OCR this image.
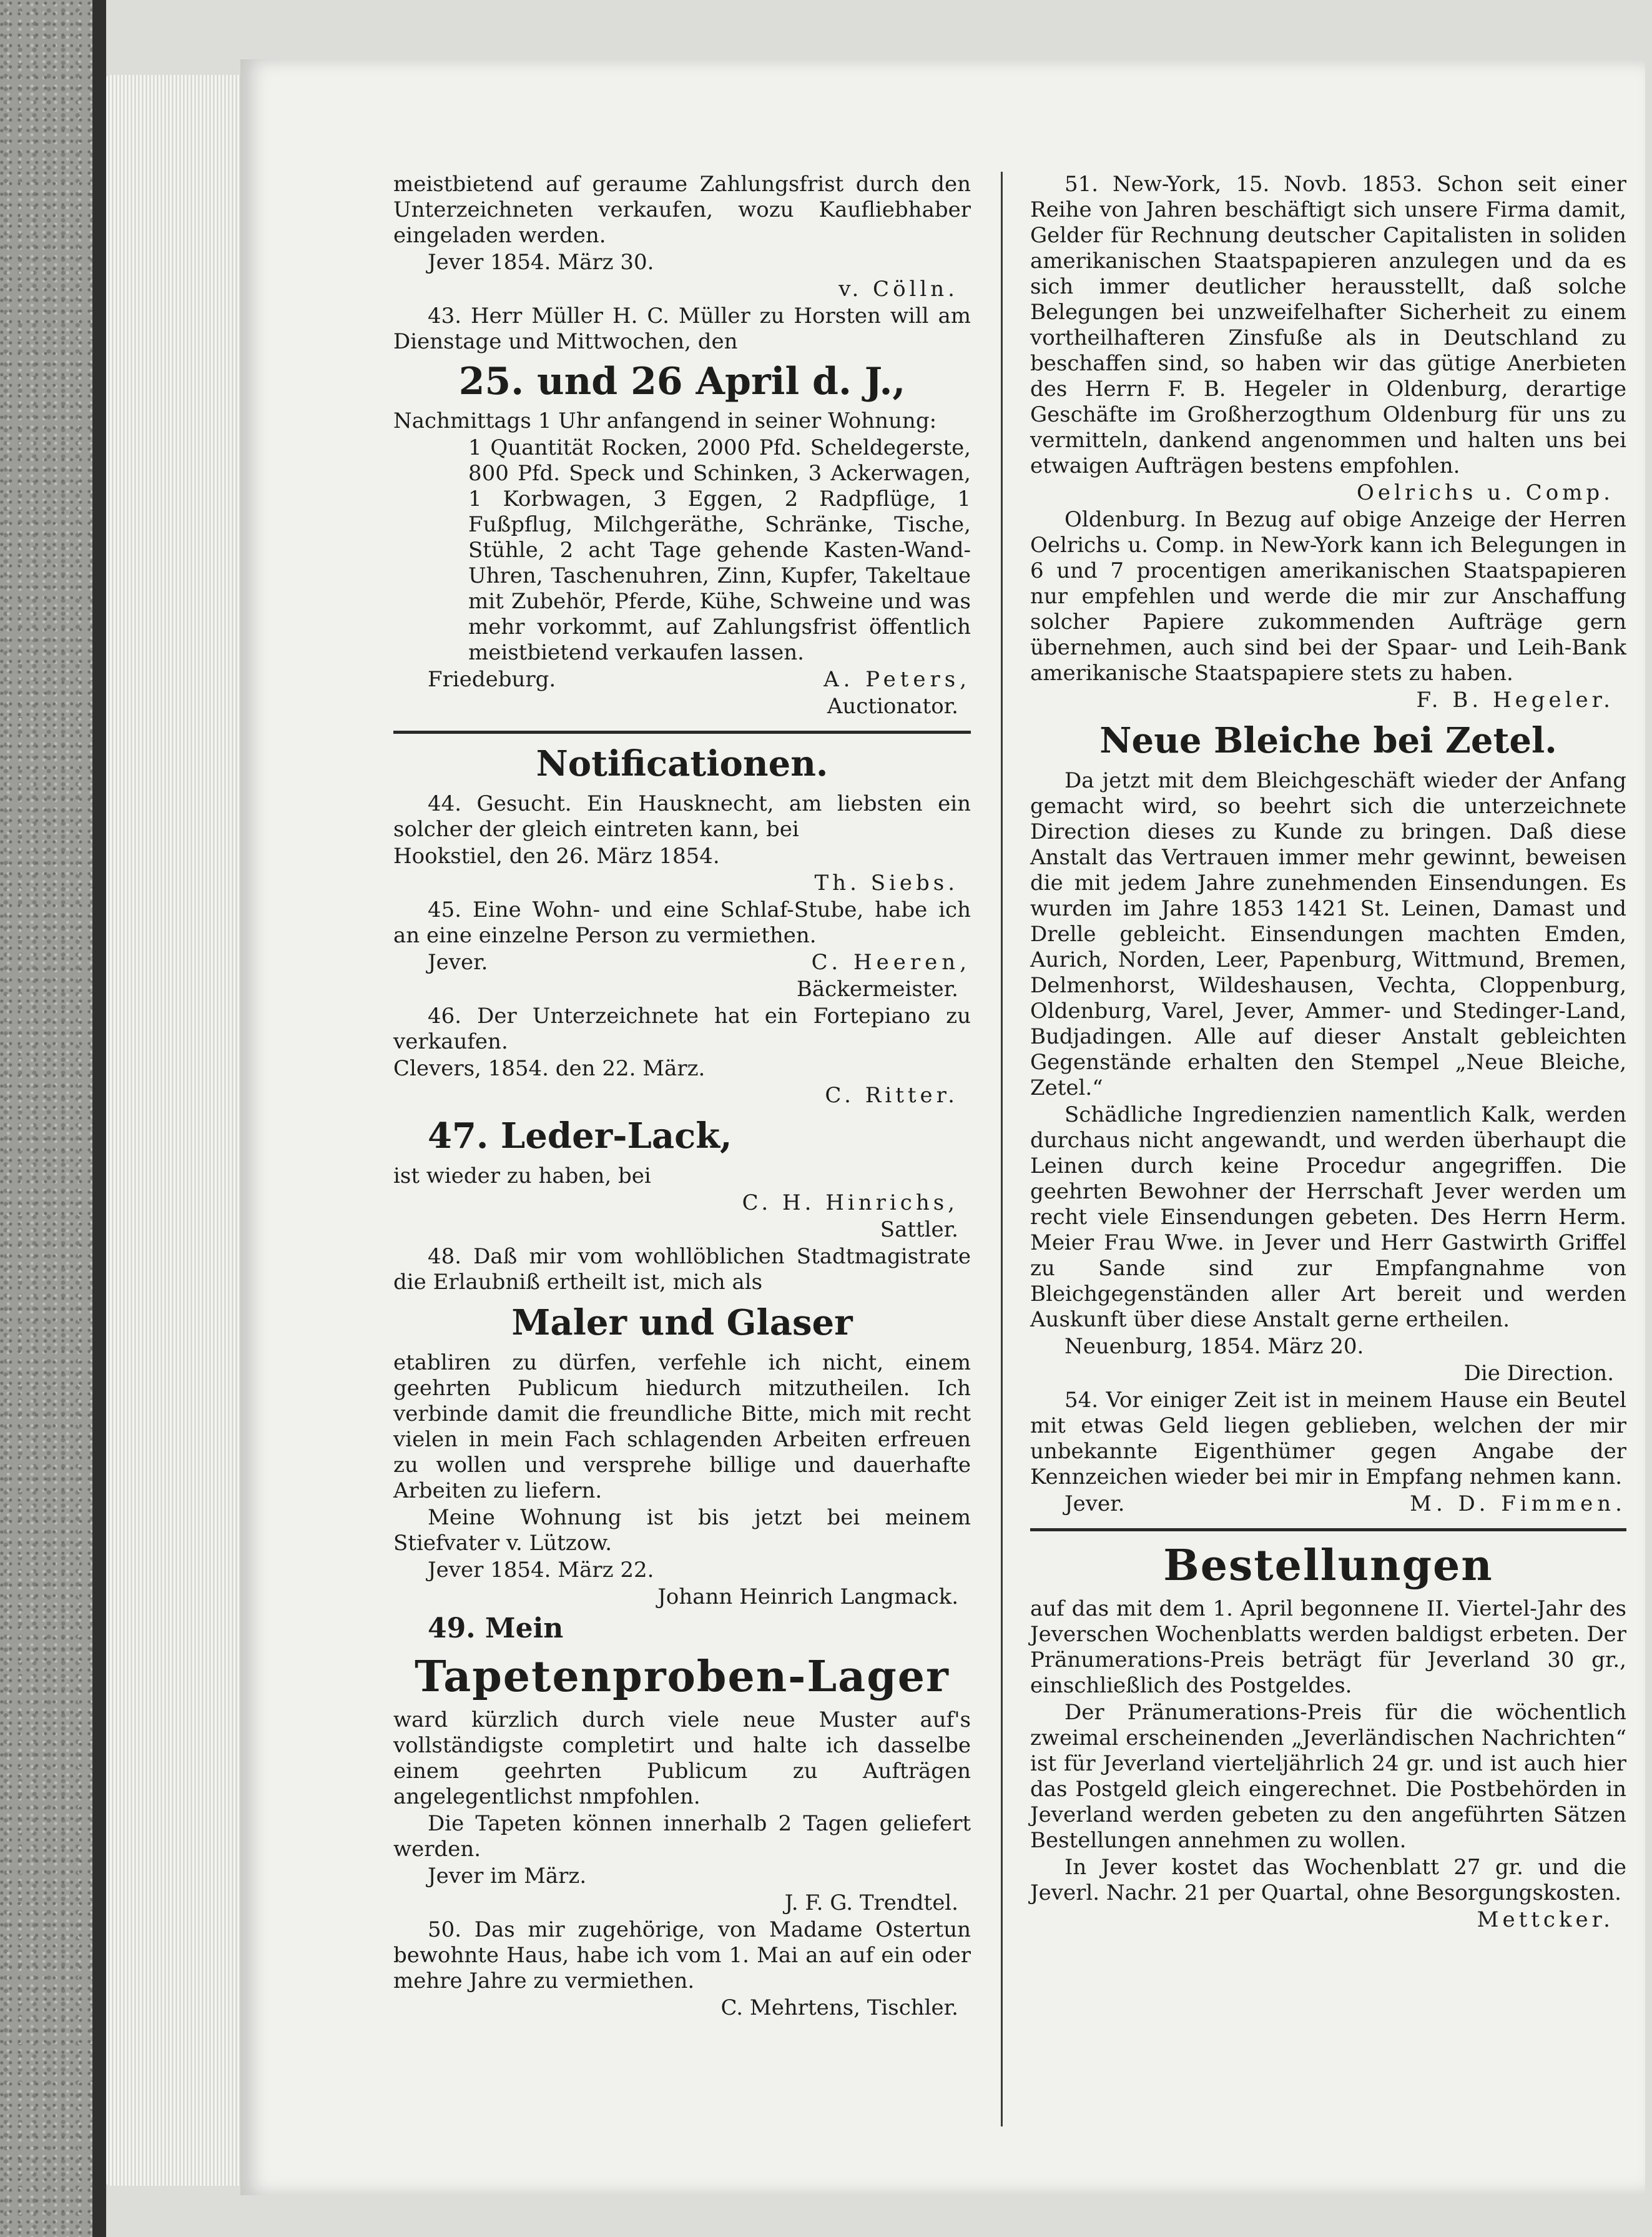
meistbietend auf geraume Zahlungsfrist durch den Unterzeichneten verkaufen, wozu Kaufliebhaber eingeladen werden.

Jever 1854. März 30.

v. Cölln.

43. Herr Müller H. C. Müller zu Horsten will am Dienstage und Mittwochen, den

25. und 26 April d. J.,

Nachmittags 1 Uhr anfangend in seiner Wohnung:

1 Quantität Rocken, 2000 Pfd. Scheldegerste, 800 Pfd. Speck und Schinken, 3 Ackerwagen, 1 Korbwagen, 3 Eggen, 2 Radpflüge, 1 Fußpflug, Milchgeräthe, Schränke, Tische, Stühle, 2 acht Tage gehende Kasten-Wand-Uhren, Taschenuhren, Zinn, Kupfer, Takeltaue mit Zubehör, Pferde, Kühe, Schweine und was mehr vorkommt, auf Zahlungsfrist öffentlich meistbietend verkaufen lassen.

Friedeburg.	A. Peters,

Auctionator.

Notificationen.

44. Gesucht. Ein Hausknecht, am liebsten ein solcher der gleich eintreten kann, bei

Hookstiel, den 26. März 1854.

Th. Siebs.

45. Eine Wohn- und eine Schlaf-Stube, habe ich an eine einzelne Person zu vermiethen.

Jever.	C. Heeren,

Bäckermeister.

46. Der Unterzeichnete hat ein Fortepiano zu verkaufen.

Clevers, 1854. den 22. März.

C. Ritter.

47. Leder-Lack,

ist wieder zu haben, bei

C. H. Hinrichs,

Sattler.

48. Daß mir vom wohllöblichen Stadtmagistrate die Erlaubniß ertheilt ist, mich als

Maler und Glaser

etabliren zu dürfen, verfehle ich nicht, einem geehrten Publicum hiedurch mitzutheilen. Ich verbinde damit die freundliche Bitte, mich mit recht vielen in mein Fach schlagenden Arbeiten erfreuen zu wollen und versprehe billige und dauerhafte Arbeiten zu liefern.

Meine Wohnung ist bis jetzt bei meinem Stiefvater v. Lützow.

Jever 1854. März 22.

Johann Heinrich Langmack.

49. Mein

Tapetenproben-Lager

ward kürzlich durch viele neue Muster auf's vollständigste completirt und halte ich dasselbe einem geehrten Publicum zu Aufträgen angelegentlichst nmpfohlen.

Die Tapeten können innerhalb 2 Tagen geliefert werden.

Jever im März.

J. F. G. Trendtel.

50. Das mir zugehörige, von Madame Ostertun bewohnte Haus, habe ich vom 1. Mai an auf ein oder mehre Jahre zu vermiethen.

C. Mehrtens, Tischler.

51. New-York, 15. Novb. 1853. Schon seit einer Reihe von Jahren beschäftigt sich unsere Firma damit, Gelder für Rechnung deutscher Capitalisten in soliden amerikanischen Staatspapieren anzulegen und da es sich immer deutlicher herausstellt, daß solche Belegungen bei unzweifelhafter Sicherheit zu einem vortheilhafteren Zinsfuße als in Deutschland zu beschaffen sind, so haben wir das gütige Anerbieten des Herrn F. B. Hegeler in Oldenburg, derartige Geschäfte im Großherzogthum Oldenburg für uns zu vermitteln, dankend angenommen und halten uns bei etwaigen Aufträgen bestens empfohlen.

Oelrichs u. Comp.

Oldenburg. In Bezug auf obige Anzeige der Herren Oelrichs u. Comp. in New-York kann ich Belegungen in 6 und 7 procentigen amerikanischen Staatspapieren nur empfehlen und werde die mir zur Anschaffung solcher Papiere zukommenden Aufträge gern übernehmen, auch sind bei der Spaar- und Leih-Bank amerikanische Staatspapiere stets zu haben.

F. B. Hegeler.

Neue Bleiche bei Zetel.

Da jetzt mit dem Bleichgeschäft wieder der Anfang gemacht wird, so beehrt sich die unterzeichnete Direction dieses zu Kunde zu bringen. Daß diese Anstalt das Vertrauen immer mehr gewinnt, beweisen die mit jedem Jahre zunehmenden Einsendungen. Es wurden im Jahre 1853 1421 St. Leinen, Damast und Drelle gebleicht. Einsendungen machten Emden, Aurich, Norden, Leer, Papenburg, Wittmund, Bremen, Delmenhorst, Wildeshausen, Vechta, Cloppenburg, Oldenburg, Varel, Jever, Ammer- und Stedinger-Land, Budjadingen. Alle auf dieser Anstalt gebleichten Gegenstände erhalten den Stempel „Neue Bleiche, Zetel.“

Schädliche Ingredienzien namentlich Kalk, werden durchaus nicht angewandt, und werden überhaupt die Leinen durch keine Procedur angegriffen. Die geehrten Bewohner der Herrschaft Jever werden um recht viele Einsendungen gebeten. Des Herrn Herm. Meier Frau Wwe. in Jever und Herr Gastwirth Griffel zu Sande sind zur Empfangnahme von Bleichgegenständen aller Art bereit und werden Auskunft über diese Anstalt gerne ertheilen.

Neuenburg, 1854. März 20.

Die Direction.

54. Vor einiger Zeit ist in meinem Hause ein Beutel mit etwas Geld liegen geblieben, welchen der mir unbekannte Eigenthümer gegen Angabe der Kennzeichen wieder bei mir in Empfang nehmen kann.

Jever.	M. D. Fimmen.

Bestellungen

auf das mit dem 1. April begonnene II. Viertel-Jahr des Jeverschen Wochenblatts werden baldigst erbeten. Der Pränumerations-Preis beträgt für Jeverland 30 gr., einschließlich des Postgeldes.

Der Pränumerations-Preis für die wöchentlich zweimal erscheinenden „Jeverländischen Nachrichten“ ist für Jeverland vierteljährlich 24 gr. und ist auch hier das Postgeld gleich eingerechnet. Die Postbehörden in Jeverland werden gebeten zu den angeführten Sätzen Bestellungen annehmen zu wollen.

In Jever kostet das Wochenblatt 27 gr. und die Jeverl. Nachr. 21 per Quartal, ohne Besorgungskosten.

Mettcker.
